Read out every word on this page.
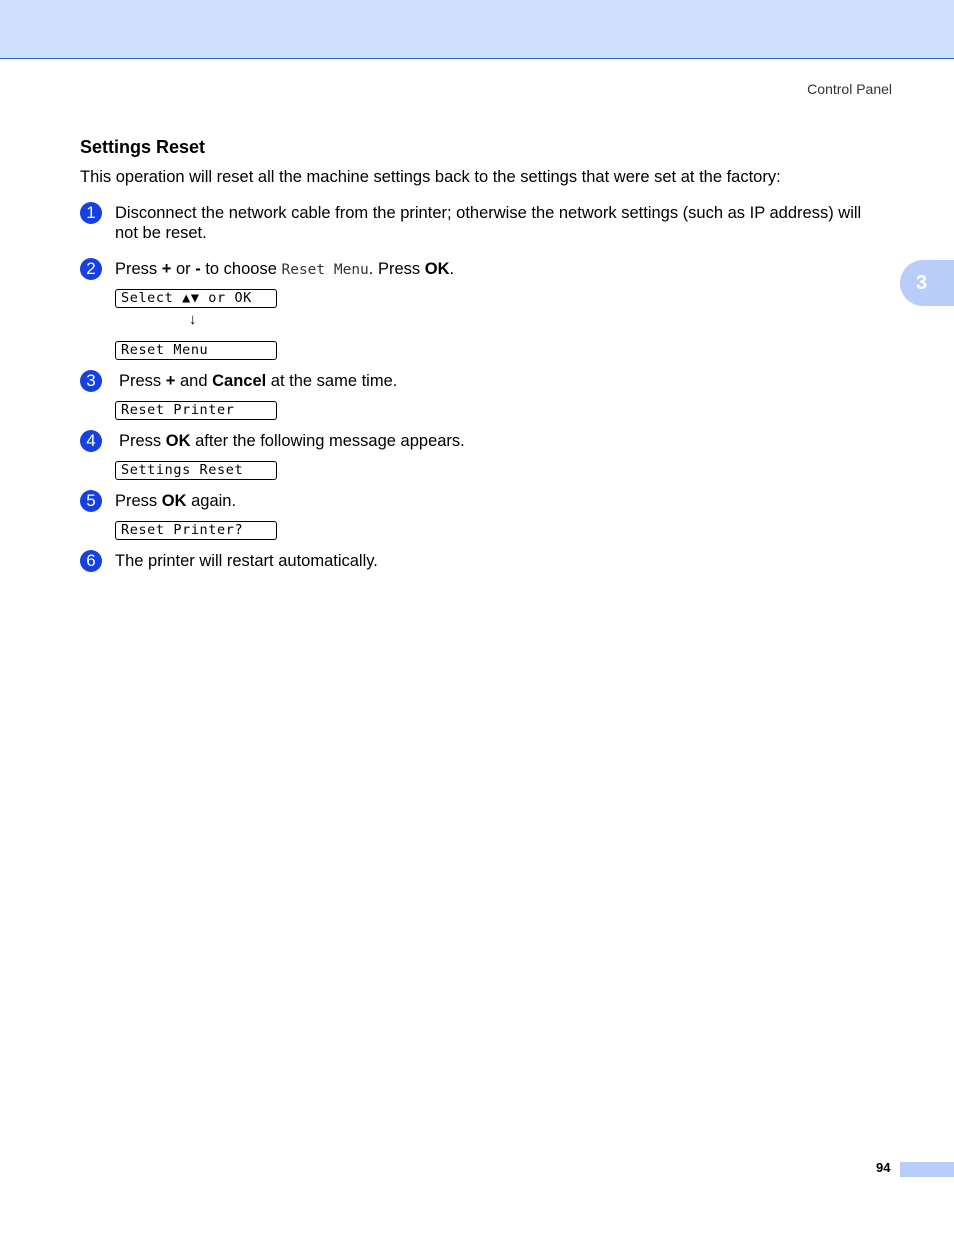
Control Panel
3
Settings Reset
This operation will reset all the machine settings back to the settings that were set at the factory:
1	Disconnect the network cable from the printer; otherwise the network settings (such as IP address) will
not be reset.
2	Press + or - to choose Reset Menu. Press OK.
Select ▲▼ or OK
↓
Reset Menu
3	Press + and Cancel at the same time.
Reset Printer
4	Press OK after the following message appears.
Settings Reset
5	Press OK again.
Reset Printer?
6	The printer will restart automatically.
94
